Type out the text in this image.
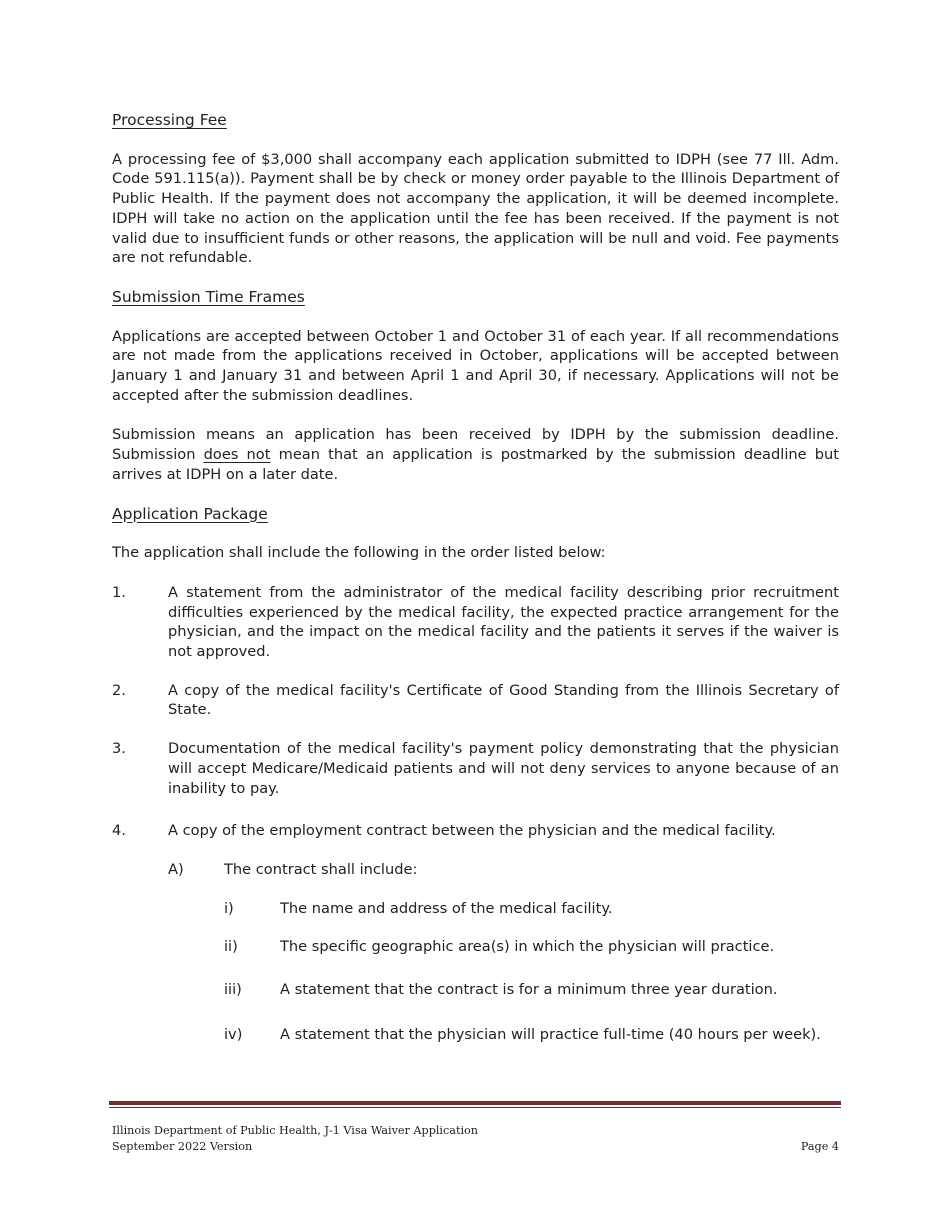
Processing Fee

A processing fee of $3,000 shall accompany each application submitted to IDPH (see 77 Ill. Adm. Code 591.115(a)). Payment shall be by check or money order payable to the Illinois Department of Public Health. If the payment does not accompany the application, it will be deemed incomplete. IDPH will take no action on the application until the fee has been received. If the payment is not valid due to insufficient funds or other reasons, the application will be null and void. Fee payments are not refundable.

Submission Time Frames

Applications are accepted between October 1 and October 31 of each year. If all recommendations are not made from the applications received in October, applications will be accepted between January 1 and January 31 and between April 1 and April 30, if necessary. Applications will not be accepted after the submission deadlines.

Submission means an application has been received by IDPH by the submission deadline. Submission does not mean that an application is postmarked by the submission deadline but arrives at IDPH on a later date.

Application Package

The application shall include the following in the order listed below:

1.	A statement from the administrator of the medical facility describing prior recruitment difficulties experienced by the medical facility, the expected practice arrangement for the physician, and the impact on the medical facility and the patients it serves if the waiver is not approved.
2.	A copy of the medical facility's Certificate of Good Standing from the Illinois Secretary of State.
3.	Documentation of the medical facility's payment policy demonstrating that the physician will accept Medicare/Medicaid patients and will not deny services to anyone because of an inability to pay.
4.	A copy of the employment contract between the physician and the medical facility.
A)	The contract shall include:
i)	The name and address of the medical facility.
ii)	The specific geographic area(s) in which the physician will practice.
iii)	A statement that the contract is for a minimum three year duration.
iv)	A statement that the physician will practice full-time (40 hours per week).
Illinois Department of Public Health, J-1 Visa Waiver Application
September 2022 Version	Page 4
